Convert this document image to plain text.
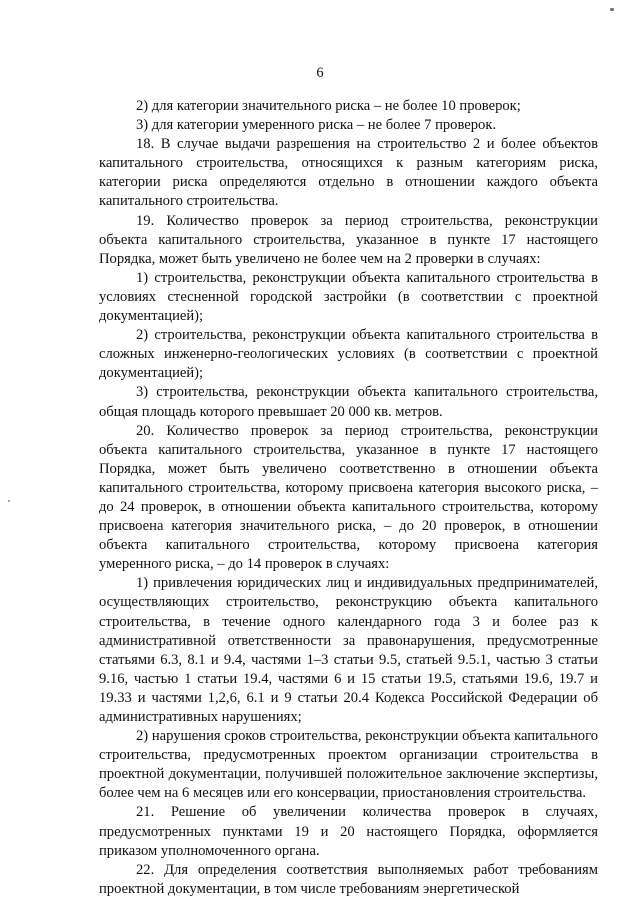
6

2) для категории значительного риска – не более 10 проверок;

3) для категории умеренного риска – не более 7 проверок.

18. В случае выдачи разрешения на строительство 2 и более объектов капитального строительства, относящихся к разным категориям риска, категории риска определяются отдельно в отношении каждого объекта капитального строительства.

19. Количество проверок за период строительства, реконструкции объекта капитального строительства, указанное в пункте 17 настоящего Порядка, может быть увеличено не более чем на 2 проверки в случаях:

1) строительства, реконструкции объекта капитального строительства в условиях стесненной городской застройки (в соответствии с проектной документацией);

2) строительства, реконструкции объекта капитального строительства в сложных инженерно-геологических условиях (в соответствии с проектной документацией);

3) строительства, реконструкции объекта капитального строительства, общая площадь которого превышает 20 000 кв. метров.

20. Количество проверок за период строительства, реконструкции объекта капитального строительства, указанное в пункте 17 настоящего Порядка, может быть увеличено соответственно в отношении объекта капитального строительства, которому присвоена категория высокого риска, – до 24 проверок, в отношении объекта капитального строительства, которому присвоена категория значительного риска, – до 20 проверок, в отношении объекта капитального строительства, которому присвоена категория умеренного риска, – до 14 проверок в случаях:

1) привлечения юридических лиц и индивидуальных предпринимателей, осуществляющих строительство, реконструкцию объекта капитального строительства, в течение одного календарного года 3 и более раз к административной ответственности за правонарушения, предусмотренные статьями 6.3, 8.1 и 9.4, частями 1–3 статьи 9.5, статьей 9.5.1, частью 3 статьи 9.16, частью 1 статьи 19.4, частями 6 и 15 статьи 19.5, статьями 19.6, 19.7 и 19.33 и частями 1,2,6, 6.1 и 9 статьи 20.4 Кодекса Российской Федерации об административных нарушениях;

2) нарушения сроков строительства, реконструкции объекта капитального строительства, предусмотренных проектом организации строительства в проектной документации, получившей положительное заключение экспертизы, более чем на 6 месяцев или его консервации, приостановления строительства.

21. Решение об увеличении количества проверок в случаях, предусмотренных пунктами 19 и 20 настоящего Порядка, оформляется приказом уполномоченного органа.

22. Для определения соответствия выполняемых работ требованиям проектной документации, в том числе требованиям энергетической
